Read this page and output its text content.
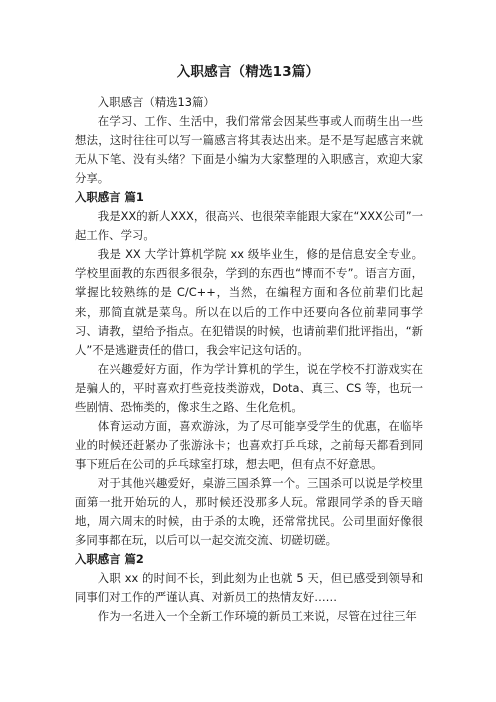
入职感言（精选13篇）

入职感言（精选13篇）

在学习、工作、生活中，我们常常会因某些事或人而萌生出一些想法，这时往往可以写一篇感言将其表达出来。是不是写起感言来就无从下笔、没有头绪？下面是小编为大家整理的入职感言，欢迎大家分享。

入职感言 篇1

我是XX的新人XXX，很高兴、也很荣幸能跟大家在“XXX公司”一起工作、学习。

我是 XX 大学计算机学院 xx 级毕业生，修的是信息安全专业。学校里面教的东西很多很杂，学到的东西也“博而不专”。语言方面，掌握比较熟练的是 C/C++，当然，在编程方面和各位前辈们比起来，那简直就是菜鸟。所以在以后的工作中还要向各位前辈同事学习、请教，望给予指点。在犯错误的时候，也请前辈们批评指出，“新人”不是逃避责任的借口，我会牢记这句话的。

在兴趣爱好方面，作为学计算机的学生，说在学校不打游戏实在是骗人的，平时喜欢打些竞技类游戏，Dota、真三、CS 等，也玩一些剧情、恐怖类的，像求生之路、生化危机。

体育运动方面，喜欢游泳，为了尽可能享受学生的优惠，在临毕业的时候还赶紧办了张游泳卡；也喜欢打乒乓球，之前每天都看到同事下班后在公司的乒乓球室打球，想去吧，但有点不好意思。

对于其他兴趣爱好，桌游三国杀算一个。三国杀可以说是学校里面第一批开始玩的人，那时候还没那多人玩。常跟同学杀的昏天暗地，周六周末的时候，由于杀的太晚，还常常扰民。公司里面好像很多同事都在玩，以后可以一起交流交流、切磋切磋。

入职感言 篇2

入职 xx 的时间不长，到此刻为止也就 5 天，但已感受到领导和同事们对工作的严谨认真、对新员工的热情友好……

作为一名进入一个全新工作环境的新员工来说，尽管在过往三年
